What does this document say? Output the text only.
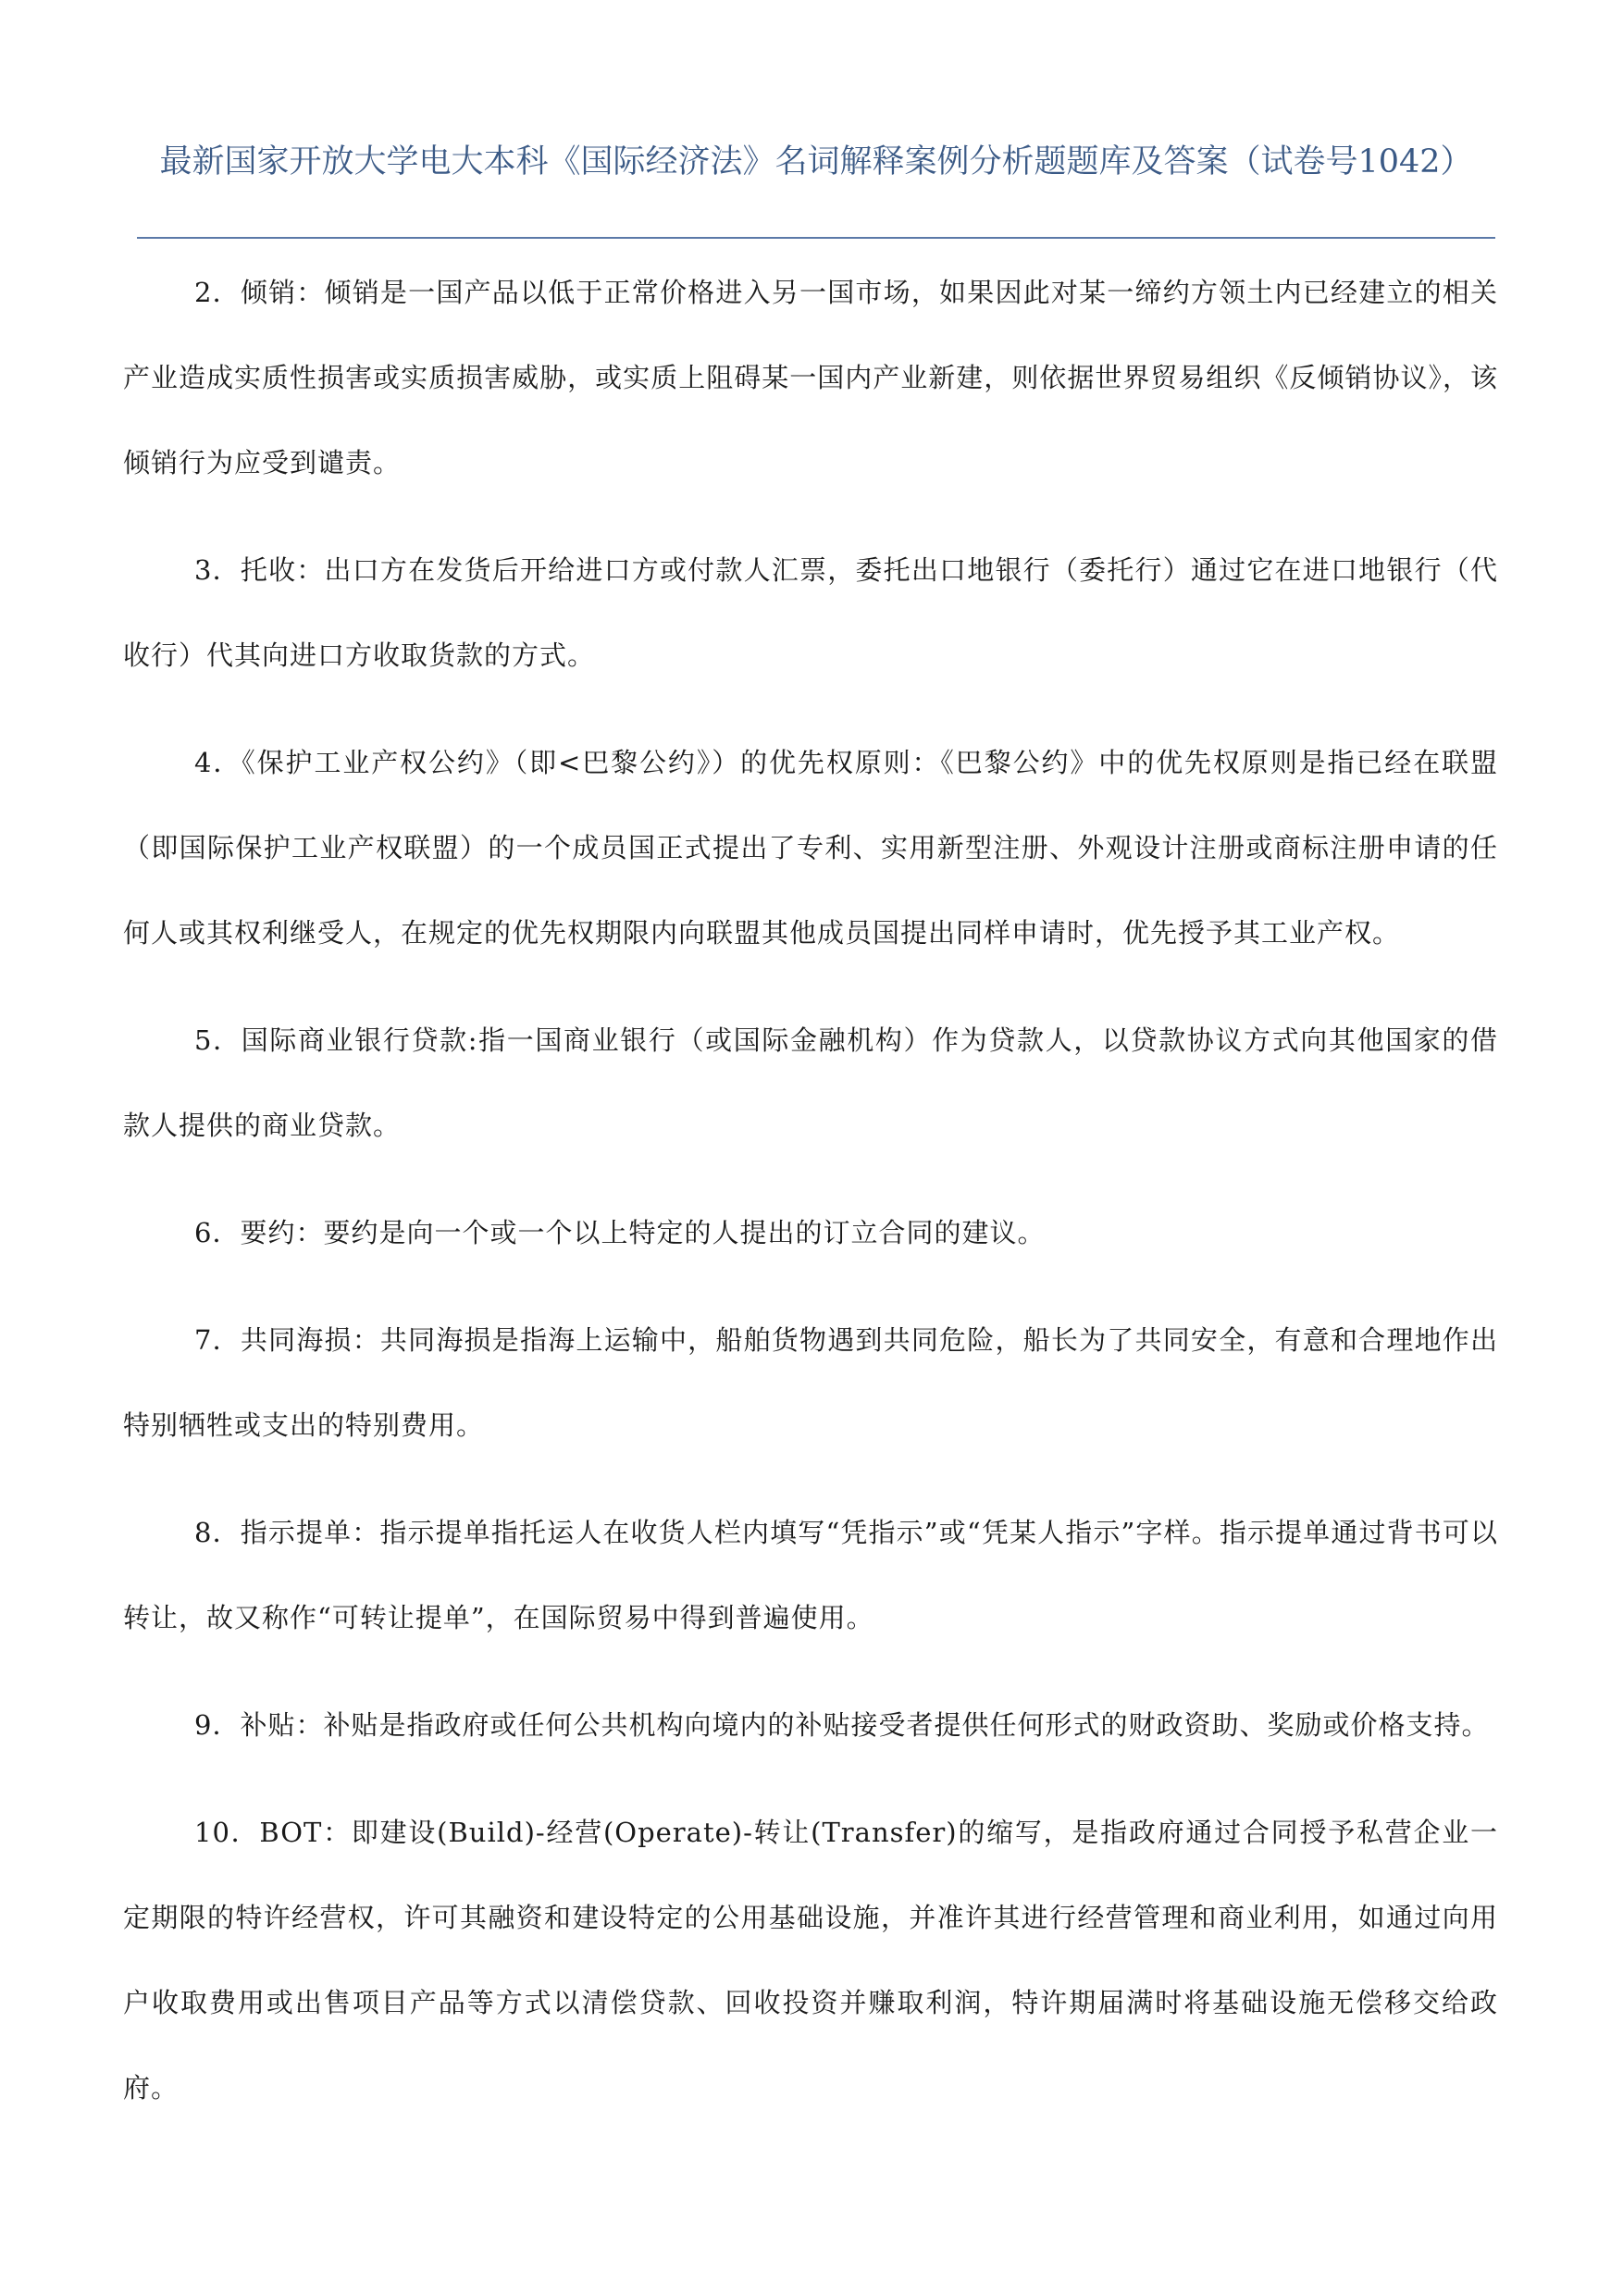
最新国家开放大学电大本科《国际经济法》名词解释案例分析题题库及答案（试卷号1042）

2．倾销：倾销是一国产品以低于正常价格进入另一国市场，如果因此对某一缔约方领土内已经建立的相关产业造成实质性损害或实质损害威胁，或实质上阻碍某一国内产业新建，则依据世界贸易组织《反倾销协议》，该倾销行为应受到谴责。

3．托收：出口方在发货后开给进口方或付款人汇票，委托出口地银行（委托行）通过它在进口地银行（代收行）代其向进口方收取货款的方式。

4．《保护工业产权公约》（即<巴黎公约》）的优先权原则：《巴黎公约》中的优先权原则是指已经在联盟（即国际保护工业产权联盟）的一个成员国正式提出了专利、实用新型注册、外观设计注册或商标注册申请的任何人或其权利继受人，在规定的优先权期限内向联盟其他成员国提出同样申请时，优先授予其工业产权。

5．国际商业银行贷款:指一国商业银行（或国际金融机构）作为贷款人，以贷款协议方式向其他国家的借款人提供的商业贷款。

6．要约：要约是向一个或一个以上特定的人提出的订立合同的建议。

7．共同海损：共同海损是指海上运输中，船舶货物遇到共同危险，船长为了共同安全，有意和合理地作出特别牺牲或支出的特别费用。

8．指示提单：指示提单指托运人在收货人栏内填写“凭指示”或“凭某人指示”字样。指示提单通过背书可以转让，故又称作“可转让提单”，在国际贸易中得到普遍使用。

9．补贴：补贴是指政府或任何公共机构向境内的补贴接受者提供任何形式的财政资助、奖励或价格支持。

10．BOT：即建设(Build)-经营(Operate)-转让(Transfer)的缩写，是指政府通过合同授予私营企业一定期限的特许经营权，许可其融资和建设特定的公用基础设施，并准许其进行经营管理和商业利用，如通过向用户收取费用或出售项目产品等方式以清偿贷款、回收投资并赚取利润，特许期届满时将基础设施无偿移交给政府。
